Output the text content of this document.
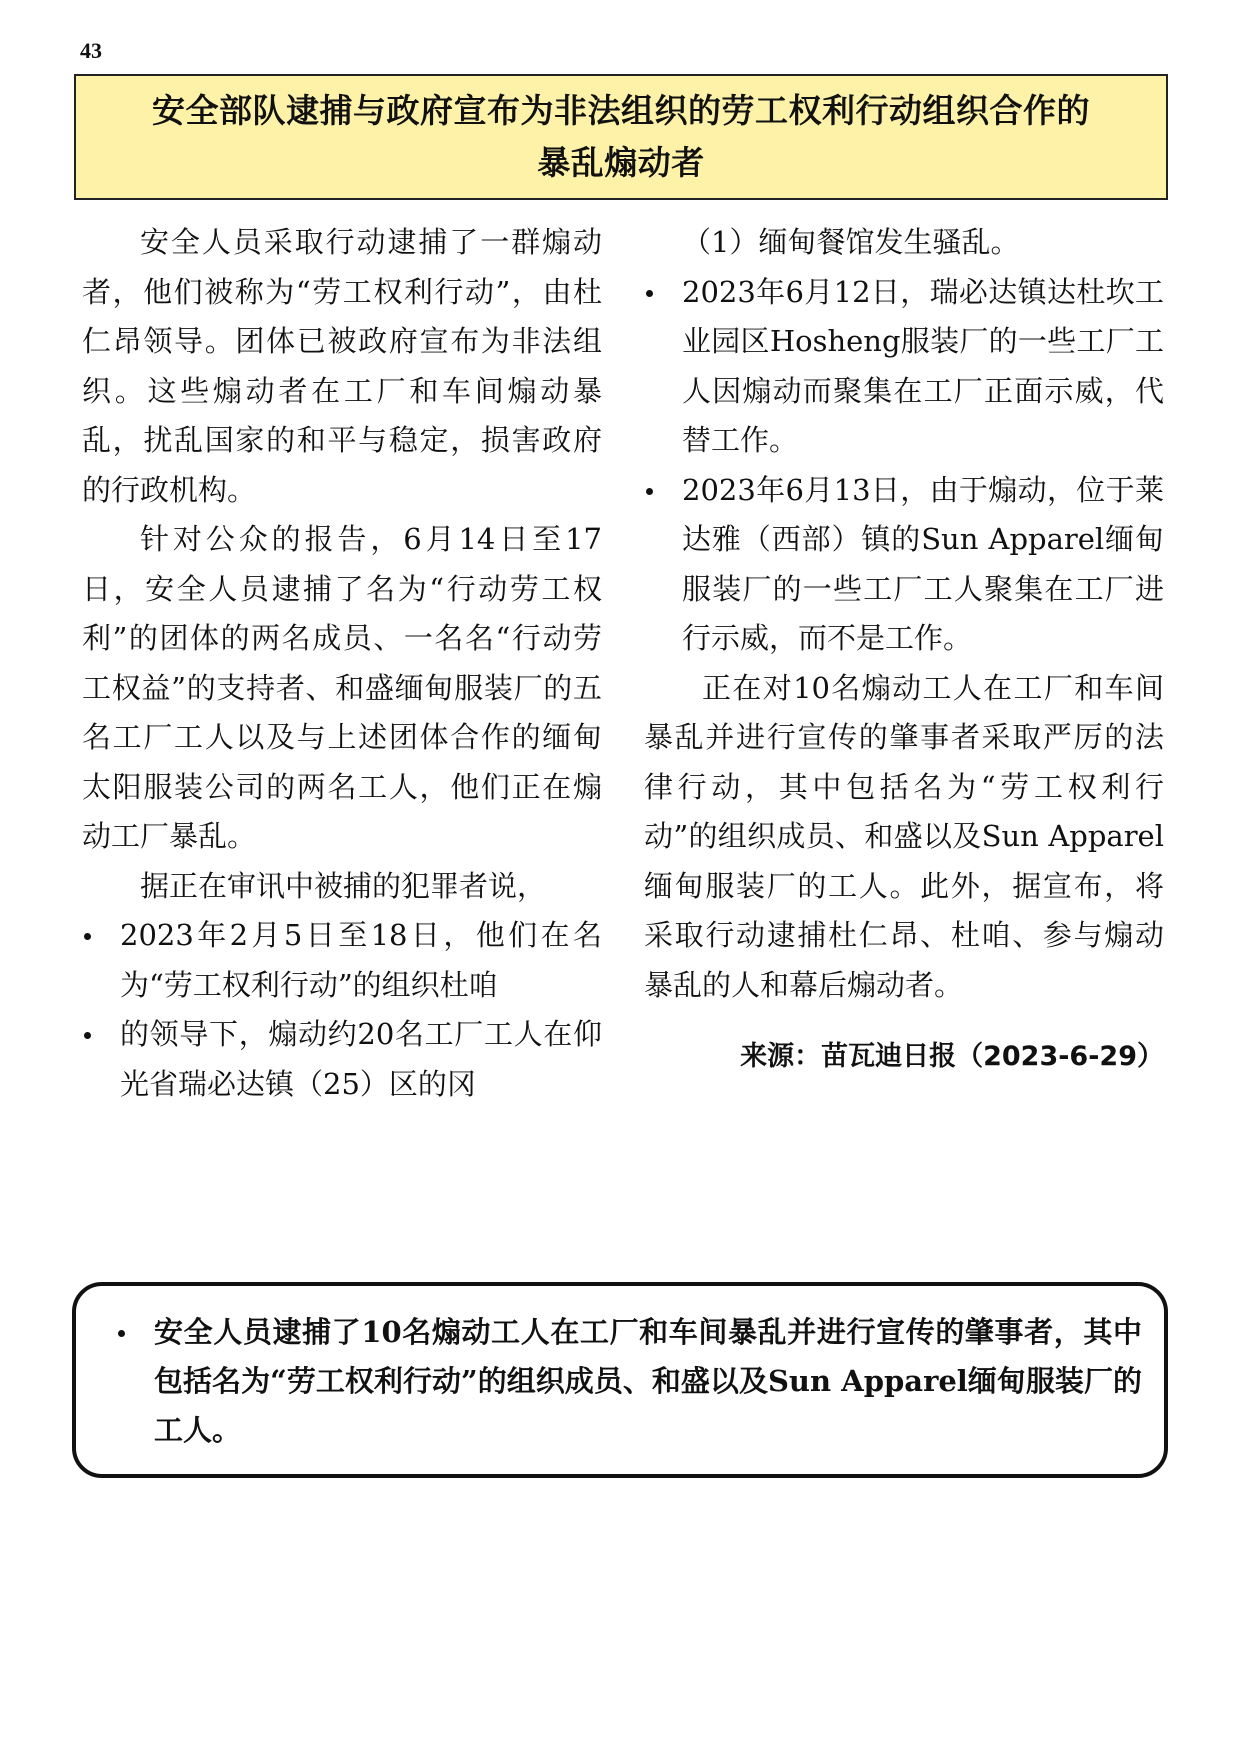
43
安全部队逮捕与政府宣布为非法组织的劳工权利行动组织合作的
暴乱煽动者

安全人员采取行动逮捕了一群煽动者，他们被称为“劳工权利行动”，由杜仁昂领导。团体已被政府宣布为非法组织。这些煽动者在工厂和车间煽动暴乱，扰乱国家的和平与稳定，损害政府的行政机构。

针对公众的报告，6月14日至17日，安全人员逮捕了名为“行动劳工权利”的团体的两名成员、一名名“行动劳工权益”的支持者、和盛缅甸服装厂的五名工厂工人以及与上述团体合作的缅甸太阳服装公司的两名工人，他们正在煽动工厂暴乱。

据正在审讯中被捕的犯罪者说，

2023年2月5日至18日，他们在名为“劳工权利行动”的组织杜咱
的领导下，煽动约20名工厂工人在仰光省瑞必达镇（25）区的冈
（1）缅甸餐馆发生骚乱。
2023年6月12日，瑞必达镇达杜坎工业园区Hosheng服装厂的一些工厂工人因煽动而聚集在工厂正面示威，代替工作。
2023年6月13日，由于煽动，位于莱达雅（西部）镇的Sun Apparel缅甸服装厂的一些工厂工人聚集在工厂进行示威，而不是工作。

正在对10名煽动工人在工厂和车间暴乱并进行宣传的肇事者采取严厉的法律行动，其中包括名为“劳工权利行动”的组织成员、和盛以及Sun Apparel缅甸服装厂的工人。此外，据宣布，将采取行动逮捕杜仁昂、杜咱、参与煽动暴乱的人和幕后煽动者。

来源：苗瓦迪日报（2023-6-29）

安全人员逮捕了10名煽动工人在工厂和车间暴乱并进行宣传的肇事者，其中包括名为“劳工权利行动”的组织成员、和盛以及Sun Apparel缅甸服装厂的工人。
